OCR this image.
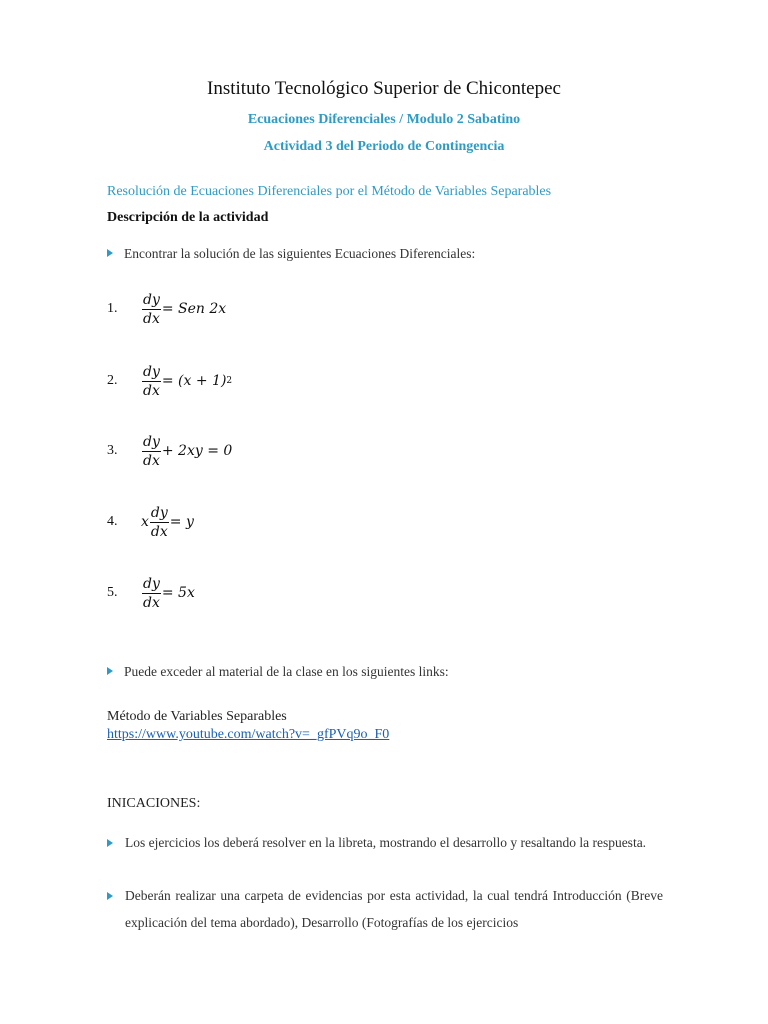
Instituto Tecnológico Superior de Chicontepec
Ecuaciones Diferenciales / Modulo 2 Sabatino
Actividad 3 del Periodo de Contingencia
Resolución de Ecuaciones Diferenciales por el Método de Variables Separables
Descripción de la actividad
Encontrar la solución de las siguientes Ecuaciones Diferenciales:
1.	$\frac{dy}{dx}$ = Sen 2x
2.	$\frac{dy}{dx} = (x + 1)$ 2
3.	$\frac{dy}{dx} + 2xy = 0$
4.	x $\frac{dy}{dx} = y$
5.	$\frac{dy}{dx} = 5x$
Puede exceder al material de la clase en los siguientes links:
Método de Variables Separables
https://www.youtube.com/watch?v=_gfPVq9o_F0
INICACIONES:
Los ejercicios los deberá resolver en la libreta, mostrando el desarrollo y resaltando la respuesta.
Deberán realizar una carpeta de evidencias por esta actividad, la cual tendrá Introducción (Breve explicación del tema abordado), Desarrollo (Fotografías de los ejercicios
